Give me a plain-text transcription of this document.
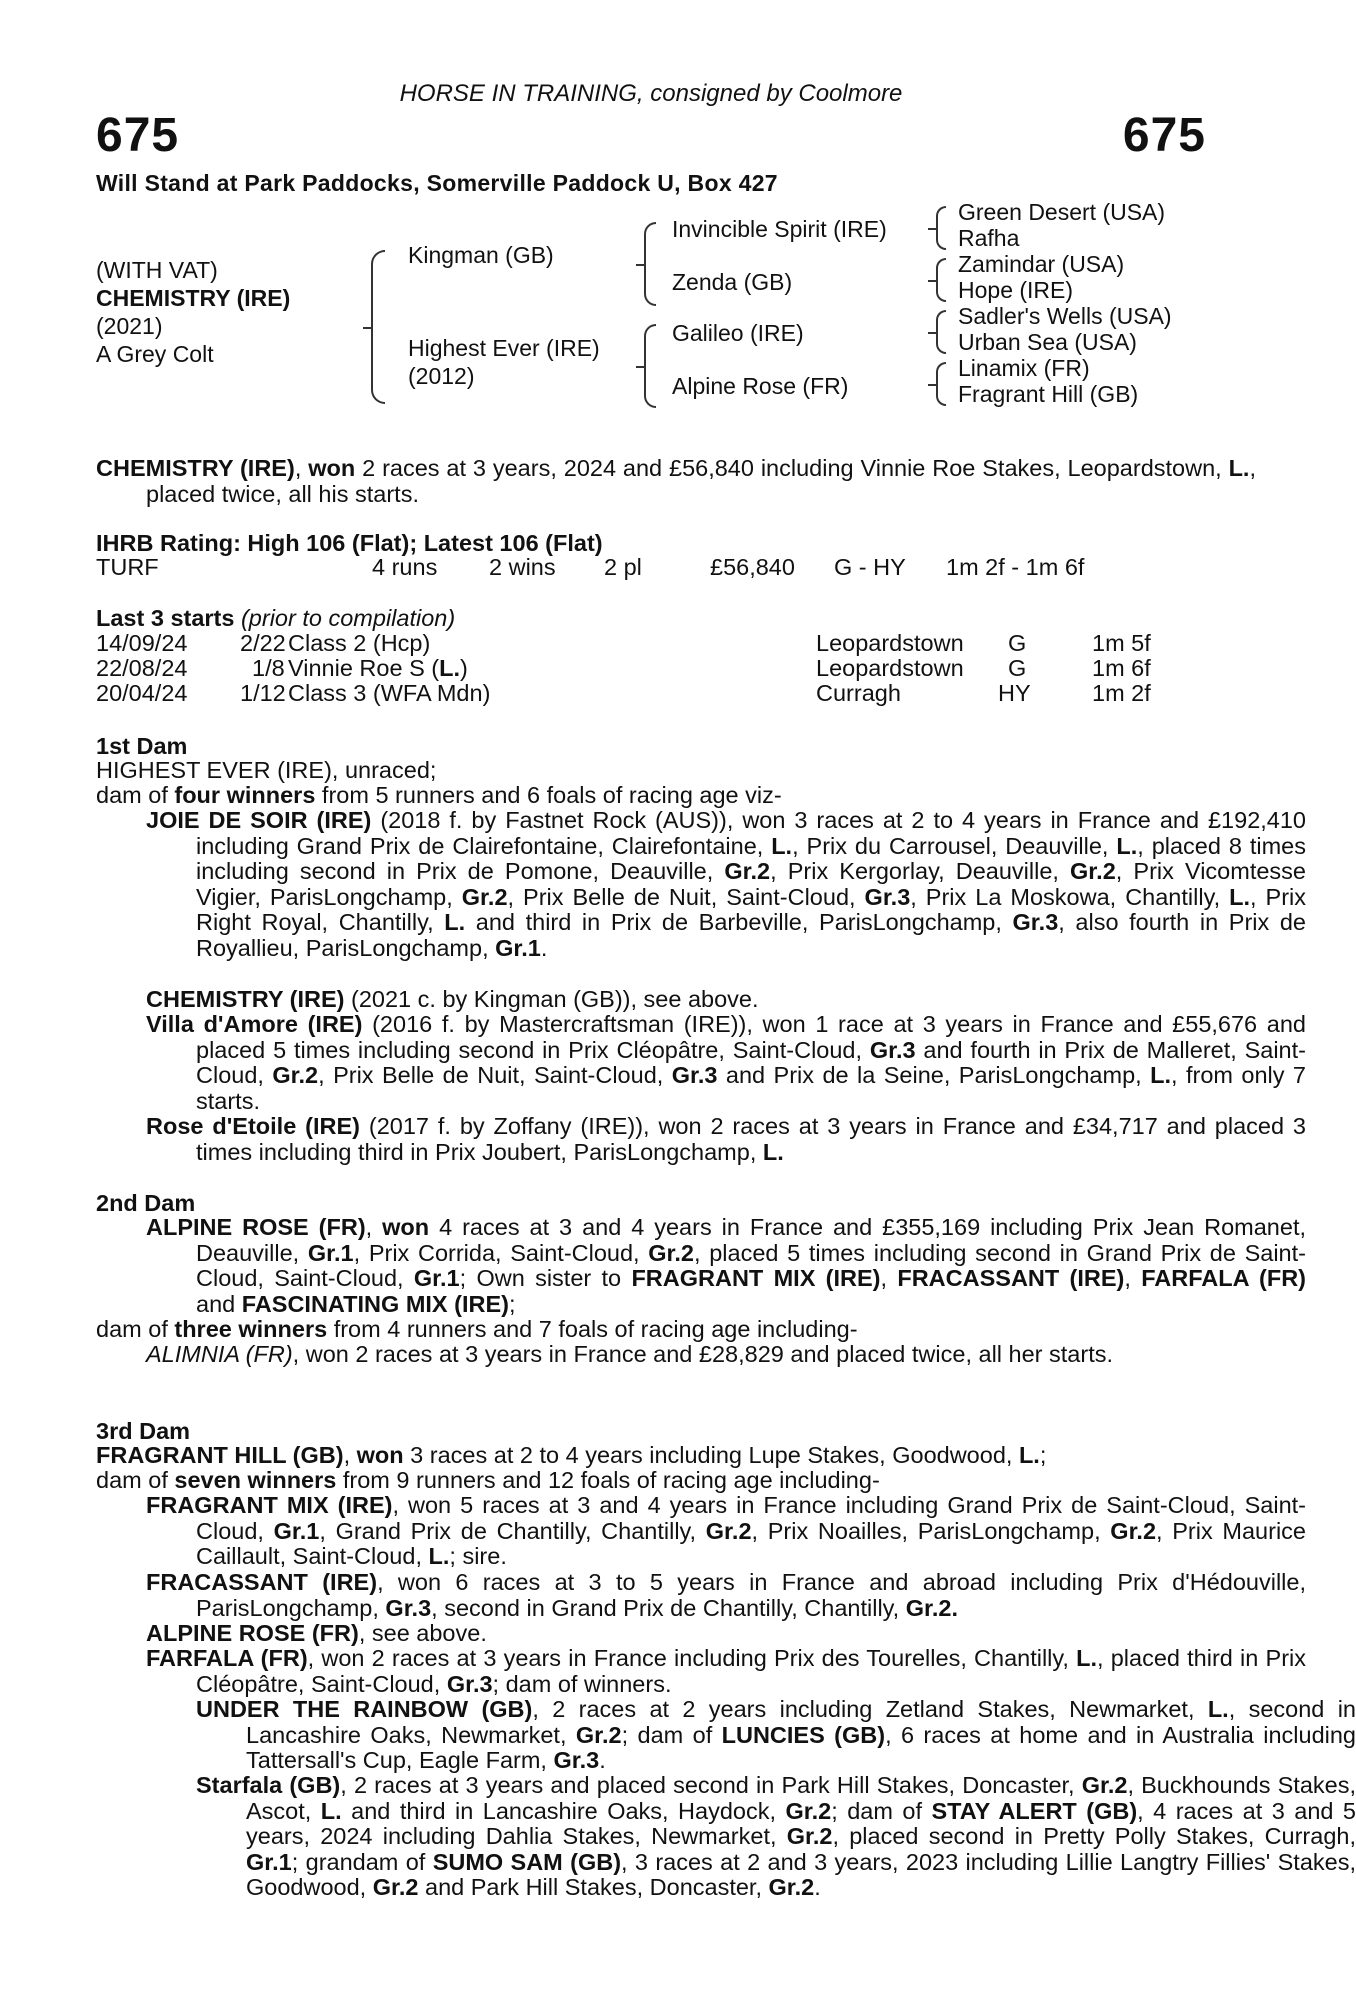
HORSE IN TRAINING, consigned by Coolmore
675	675
Will Stand at Park Paddocks, Somerville Paddock U, Box 427
(WITH VAT)
CHEMISTRY (IRE)
(2021)
A Grey Colt
Kingman (GB)
Highest Ever (IRE)
(2012)
Invincible Spirit (IRE)
Zenda (GB)
Galileo (IRE)
Alpine Rose (FR)
Green Desert (USA)
Rafha
Zamindar (USA)
Hope (IRE)
Sadler's Wells (USA)
Urban Sea (USA)
Linamix (FR)
Fragrant Hill (GB)
CHEMISTRY (IRE), won 2 races at 3 years, 2024 and £56,840 including Vinnie Roe Stakes, Leopardstown, L., placed twice, all his starts.
IHRB Rating: High 106 (Flat); Latest 106 (Flat)
TURF	4 runs 2 wins 2 pl	£56,840 G - HY 1m 2f - 1m 6f
Last 3 starts (prior to compilation)
14/09/24 2/22 Class 2 (Hcp)	Leopardstown G	1m 5f
22/08/24	1/8 Vinnie Roe S (L.)	Leopardstown G	1m 6f
20/04/24 1/12 Class 3 (WFA Mdn)	Curragh	HY	1m 2f
1st Dam
HIGHEST EVER (IRE), unraced;
dam of four winners from 5 runners and 6 foals of racing age viz-
JOIE DE SOIR (IRE) (2018 f. by Fastnet Rock (AUS)), won 3 races at 2 to 4 years in France and £192,410 including Grand Prix de Clairefontaine, Clairefontaine, L., Prix du Carrousel, Deauville, L., placed 8 times including second in Prix de Pomone, Deauville, Gr.2, Prix Kergorlay, Deauville, Gr.2, Prix Vicomtesse Vigier, ParisLongchamp, Gr.2, Prix Belle de Nuit, Saint-Cloud, Gr.3, Prix La Moskowa, Chantilly, L., Prix Right Royal, Chantilly, L. and third in Prix de Barbeville, ParisLongchamp, Gr.3, also fourth in Prix de Royallieu, ParisLongchamp, Gr.1.
CHEMISTRY (IRE) (2021 c. by Kingman (GB)), see above.
Villa d'Amore (IRE) (2016 f. by Mastercraftsman (IRE)), won 1 race at 3 years in France and £55,676 and placed 5 times including second in Prix Cléopâtre, Saint-Cloud, Gr.3 and fourth in Prix de Malleret, Saint-Cloud, Gr.2, Prix Belle de Nuit, Saint-Cloud, Gr.3 and Prix de la Seine, ParisLongchamp, L., from only 7 starts.
Rose d'Etoile (IRE) (2017 f. by Zoffany (IRE)), won 2 races at 3 years in France and £34,717 and placed 3 times including third in Prix Joubert, ParisLongchamp, L.
2nd Dam
ALPINE ROSE (FR), won 4 races at 3 and 4 years in France and £355,169 including Prix Jean Romanet, Deauville, Gr.1, Prix Corrida, Saint-Cloud, Gr.2, placed 5 times including second in Grand Prix de Saint-Cloud, Saint-Cloud, Gr.1; Own sister to FRAGRANT MIX (IRE), FRACASSANT (IRE), FARFALA (FR) and FASCINATING MIX (IRE);
dam of three winners from 4 runners and 7 foals of racing age including-
ALIMNIA (FR), won 2 races at 3 years in France and £28,829 and placed twice, all her starts.
3rd Dam
FRAGRANT HILL (GB), won 3 races at 2 to 4 years including Lupe Stakes, Goodwood, L.;
dam of seven winners from 9 runners and 12 foals of racing age including-
FRAGRANT MIX (IRE), won 5 races at 3 and 4 years in France including Grand Prix de Saint-Cloud, Saint-Cloud, Gr.1, Grand Prix de Chantilly, Chantilly, Gr.2, Prix Noailles, ParisLongchamp, Gr.2, Prix Maurice Caillault, Saint-Cloud, L.; sire.
FRACASSANT (IRE), won 6 races at 3 to 5 years in France and abroad including Prix d'Hédouville, ParisLongchamp, Gr.3, second in Grand Prix de Chantilly, Chantilly, Gr.2.
ALPINE ROSE (FR), see above.
FARFALA (FR), won 2 races at 3 years in France including Prix des Tourelles, Chantilly, L., placed third in Prix Cléopâtre, Saint-Cloud, Gr.3; dam of winners.
UNDER THE RAINBOW (GB), 2 races at 2 years including Zetland Stakes, Newmarket, L., second in Lancashire Oaks, Newmarket, Gr.2; dam of LUNCIES (GB), 6 races at home and in Australia including Tattersall's Cup, Eagle Farm, Gr.3.
Starfala (GB), 2 races at 3 years and placed second in Park Hill Stakes, Doncaster, Gr.2, Buckhounds Stakes, Ascot, L. and third in Lancashire Oaks, Haydock, Gr.2; dam of STAY ALERT (GB), 4 races at 3 and 5 years, 2024 including Dahlia Stakes, Newmarket, Gr.2, placed second in Pretty Polly Stakes, Curragh, Gr.1; grandam of SUMO SAM (GB), 3 races at 2 and 3 years, 2023 including Lillie Langtry Fillies' Stakes, Goodwood, Gr.2 and Park Hill Stakes, Doncaster, Gr.2.
